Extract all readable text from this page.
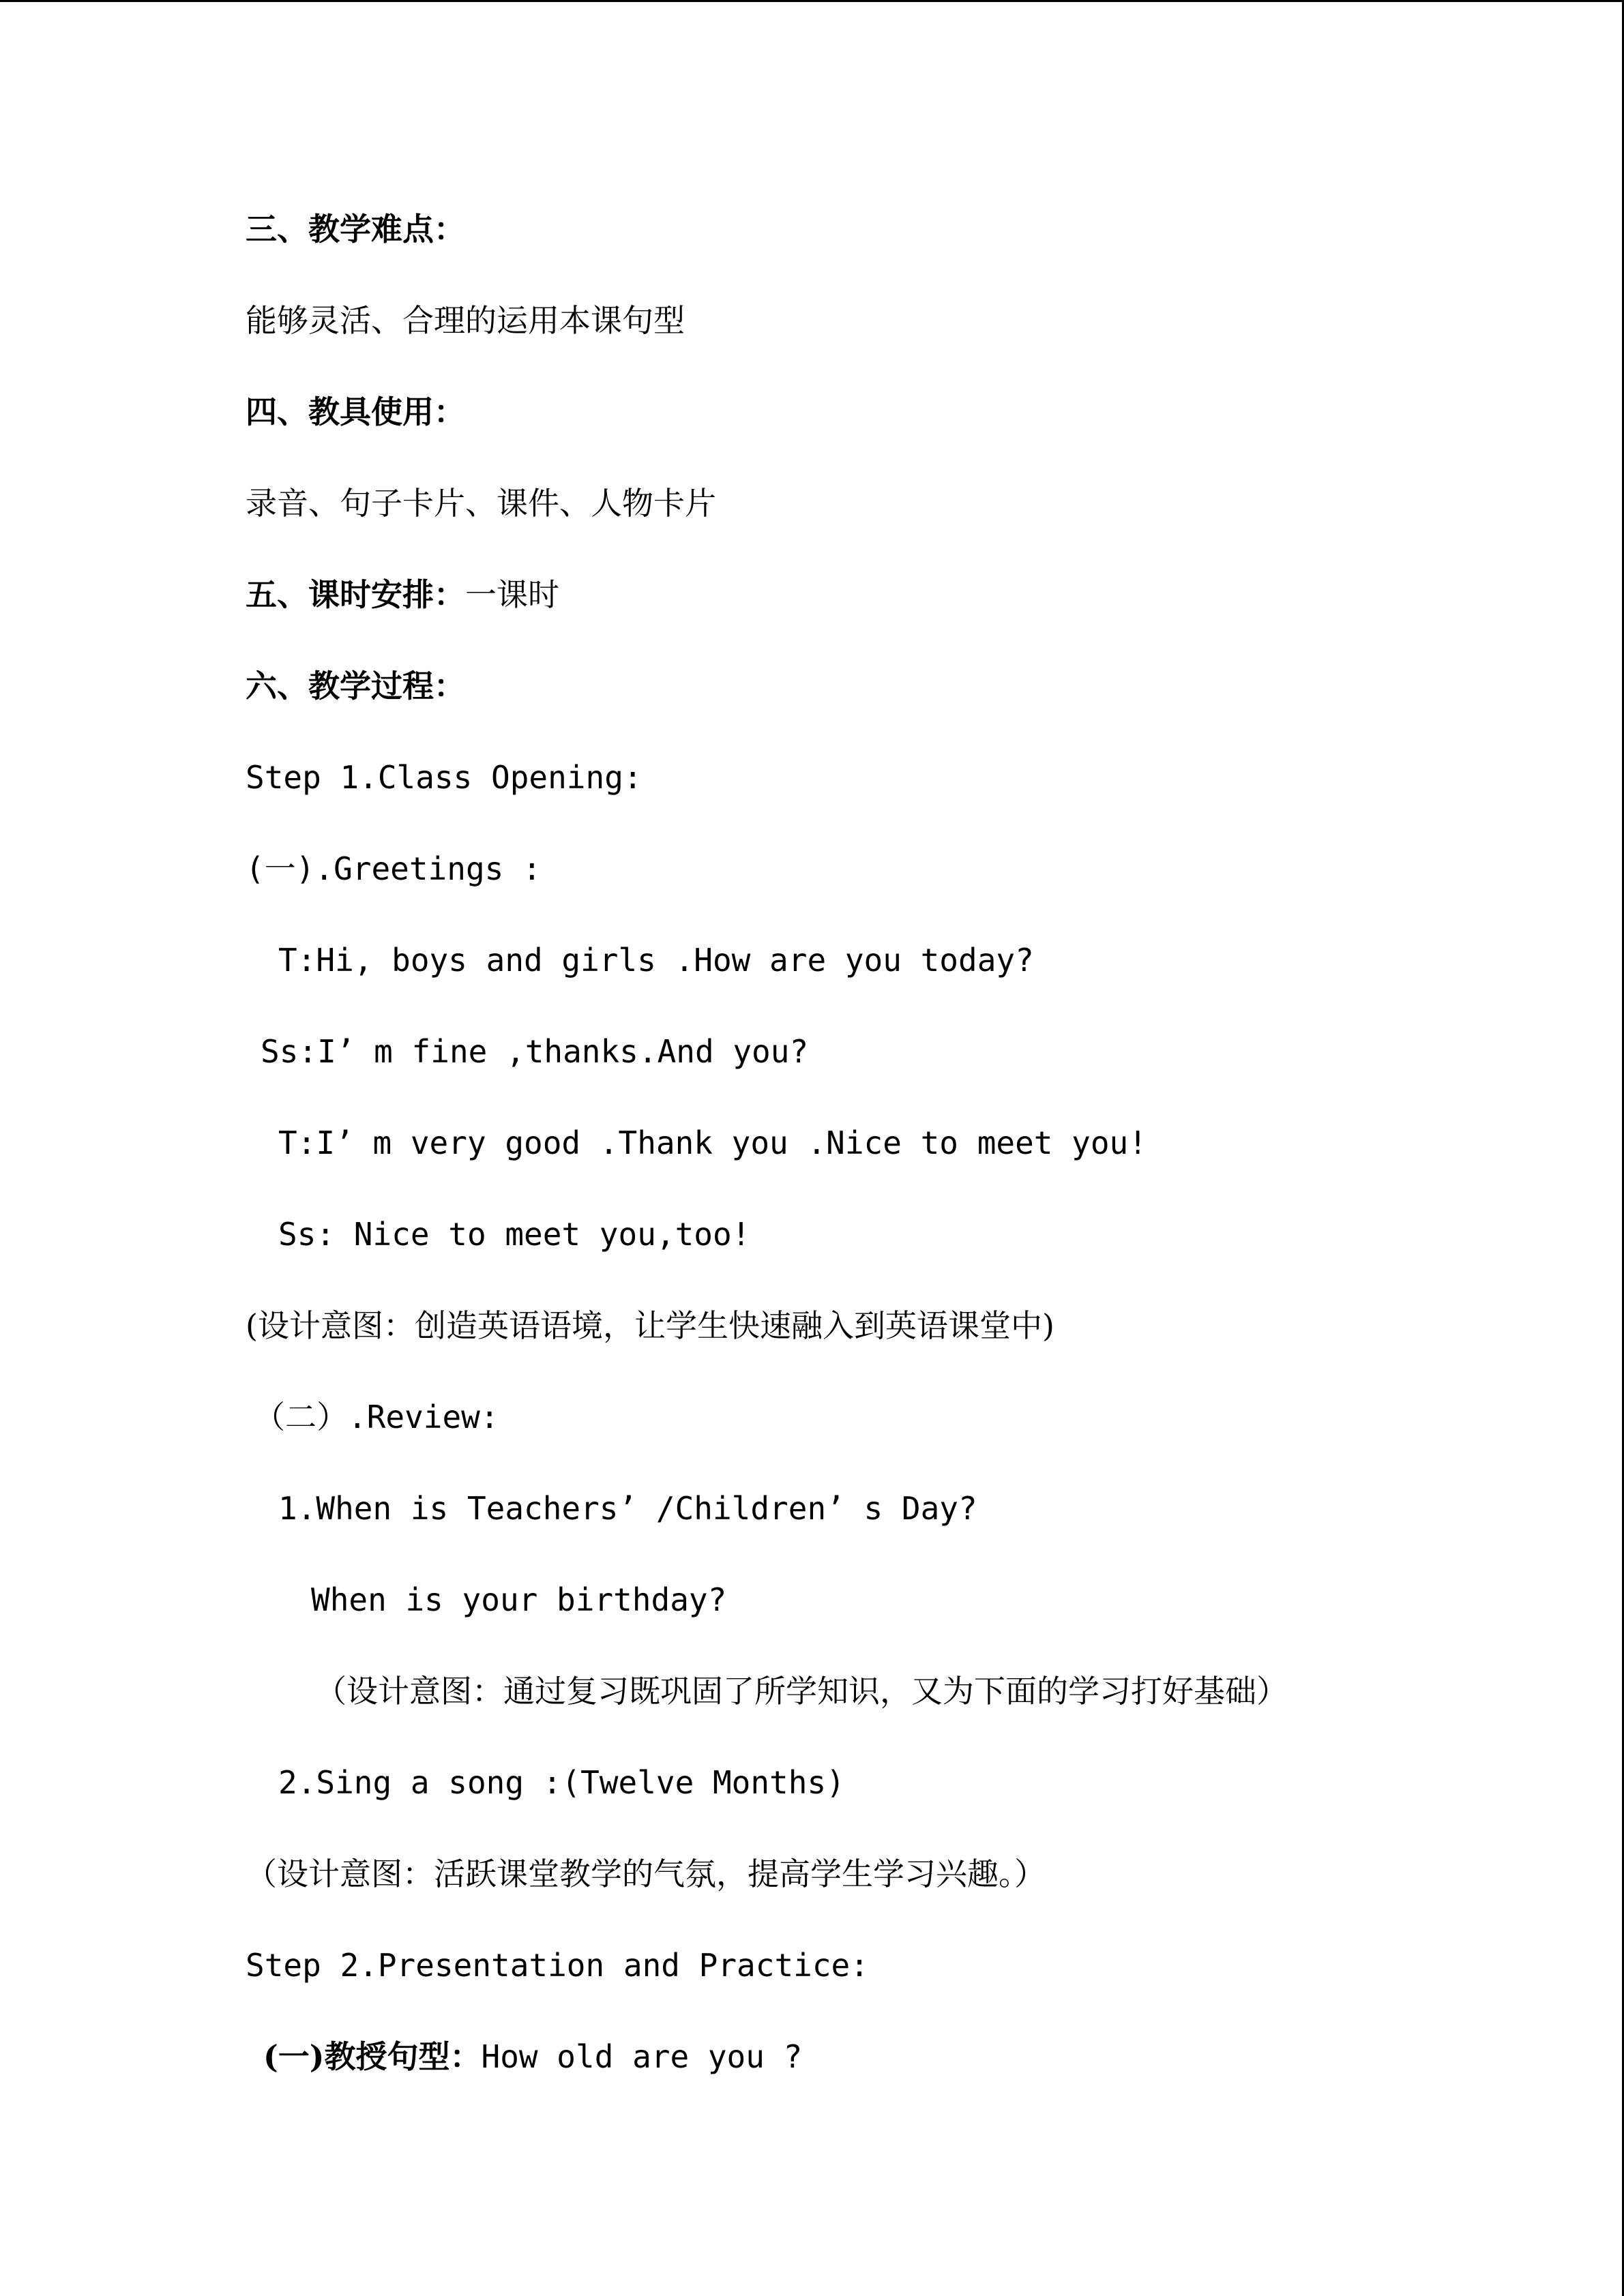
三、教学难点：
能够灵活、合理的运用本课句型
四、教具使用：
录音、句子卡片、课件、人物卡片
五、课时安排：一课时
六、教学过程：
Step 1.Class Opening:
(一).Greetings :
T:Hi, boys and girls .How are you today?
Ss:I’ m fine ,thanks.And you?
T:I’ m very good .Thank you .Nice to meet you!
Ss: Nice to meet you,too!
(设计意图：创造英语语境，让学生快速融入到英语课堂中)
（二）.Review:
1.When is Teachers’ /Children’ s Day?
When is your birthday?
（设计意图：通过复习既巩固了所学知识，又为下面的学习打好基础）
2.Sing a song :(Twelve Months)
（设计意图：活跃课堂教学的气氛，提高学生学习兴趣。）
Step 2.Presentation and Practice:
(一)教授句型：How old are you ?
